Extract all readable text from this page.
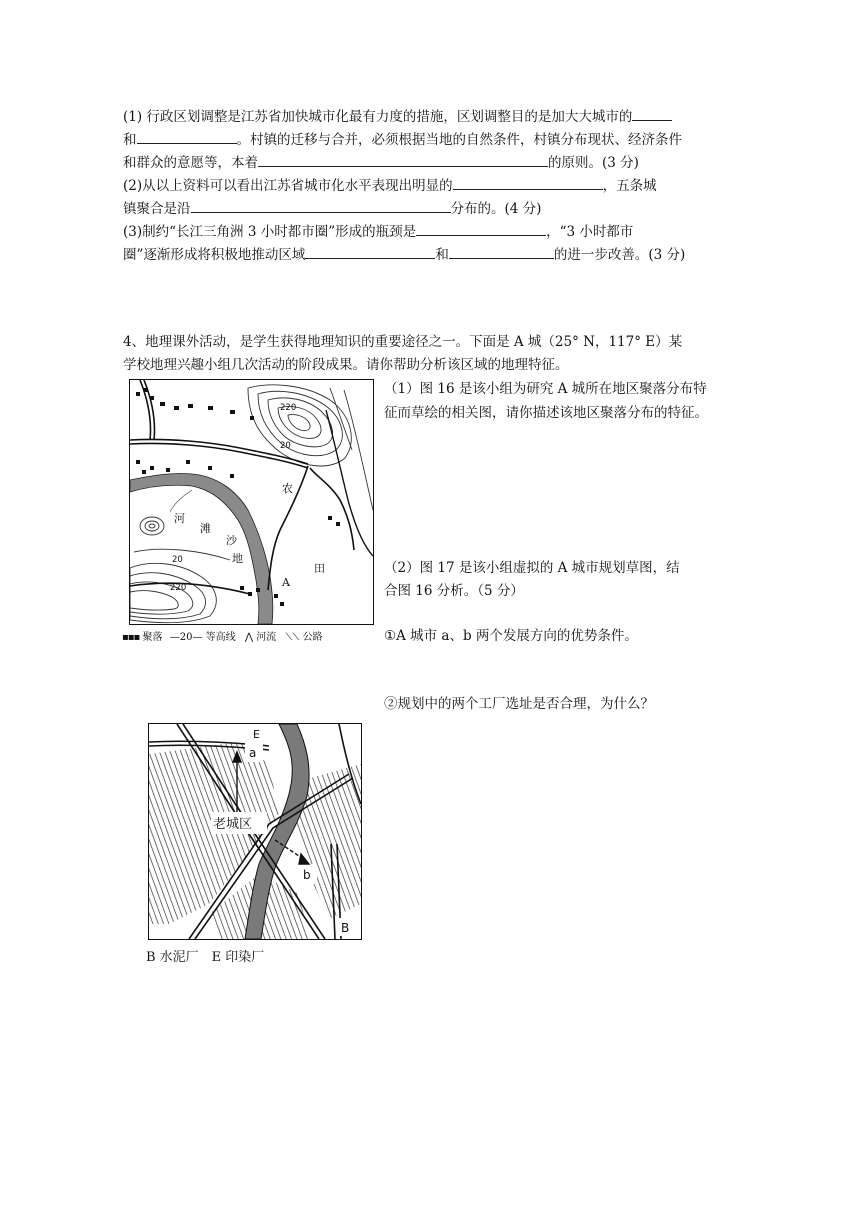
(1) 行政区划调整是江苏省加快城市化最有力度的措施，区划调整目的是加大大城市的
和	。村镇的迁移与合并，必须根据当地的自然条件，村镇分布现状、经济条件
和群众的意愿等，本着	的原则。(3 分)
(2)从以上资料可以看出江苏省城市化水平表现出明显的	，五条城
镇聚合是沿	分布的。(4 分)
(3)制约“长江三角洲 3 小时都市圈”形成的瓶颈是	，“3 小时都市
圈”逐渐形成将积极地推动区域	和	的进一步改善。(3 分)
4、地理课外活动，是学生获得地理知识的重要途径之一。下面是 A 城（25° N，117° E）某
学校地理兴趣小组几次活动的阶段成果。请你帮助分析该区域的地理特征。
（1）图 16 是该小组为研究 A 城所在地区聚落分布特
征而草绘的相关图，请你描述该地区聚落分布的特征。
（2）图 17 是该小组虚拟的 A 城市规划草图，结
合图 16 分析。（5 分）
①A 城市 a、b 两个发展方向的优势条件。
②规划中的两个工厂选址是否合理，为什么？
220
20
20
220
河
滩
沙
地
农
田
A
▪▪▪ 聚落 —20— 等高线 ⋀ 河流 ⟍⟍ 公路
E
a
老城区
b
B
B 水泥厂　E 印染厂
